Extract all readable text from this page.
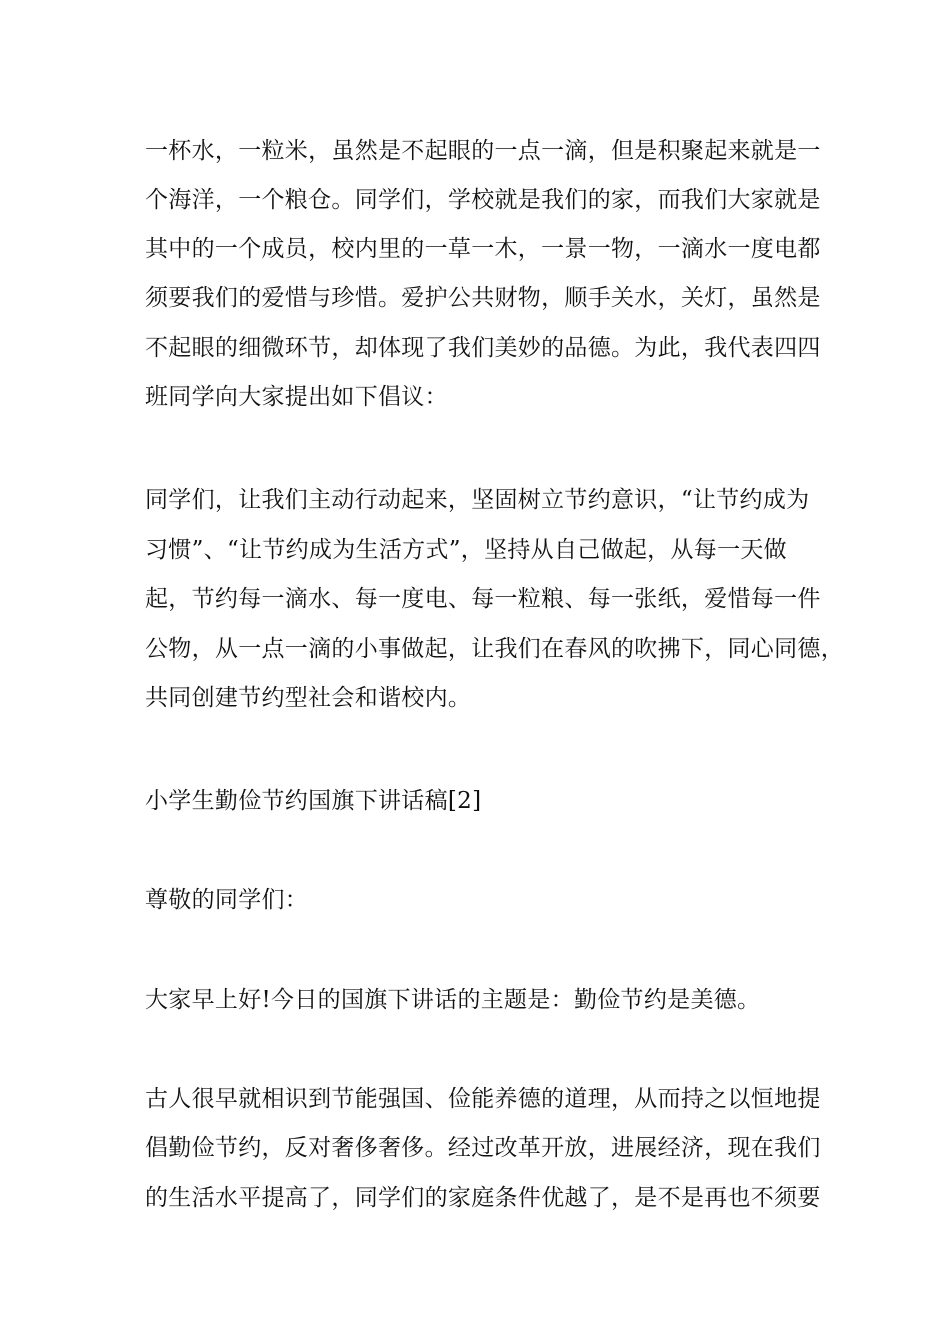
一杯水，一粒米，虽然是不起眼的一点一滴，但是积聚起来就是一
个海洋，一个粮仓。同学们，学校就是我们的家，而我们大家就是
其中的一个成员，校内里的一草一木，一景一物，一滴水一度电都
须要我们的爱惜与珍惜。爱护公共财物，顺手关水，关灯，虽然是
不起眼的细微环节，却体现了我们美妙的品德。为此，我代表四四
班同学向大家提出如下倡议：
同学们，让我们主动行动起来，坚固树立节约意识，“让节约成为
习惯”、“让节约成为生活方式”，坚持从自己做起，从每一天做
起，节约每一滴水、每一度电、每一粒粮、每一张纸，爱惜每一件
公物，从一点一滴的小事做起，让我们在春风的吹拂下，同心同德，
共同创建节约型社会和谐校内。
小学生勤俭节约国旗下讲话稿[2]
尊敬的同学们：
大家早上好!今日的国旗下讲话的主题是：勤俭节约是美德。
古人很早就相识到节能强国、俭能养德的道理，从而持之以恒地提
倡勤俭节约，反对奢侈奢侈。经过改革开放，进展经济，现在我们
的生活水平提高了，同学们的家庭条件优越了，是不是再也不须要
